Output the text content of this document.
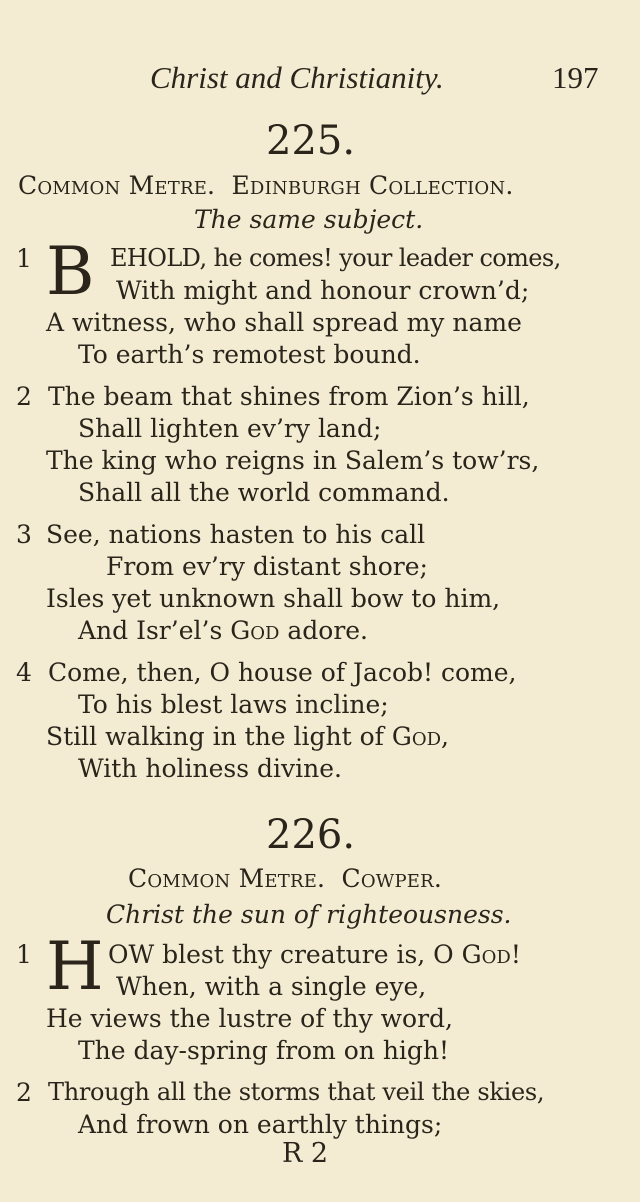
Christ and Christianity.	197
225.
Common Metre. Edinburgh Collection.
The same subject.
1 B EHOLD, he comes! your leader comes,
With might and honour crown’d;
A witness, who shall spread my name
To earth’s remotest bound.
2 The beam that shines from Zion’s hill,
Shall lighten ev’ry land;
The king who reigns in Salem’s tow’rs,
Shall all the world command.
3 See, nations hasten to his call
From ev’ry distant shore;
Isles yet unknown shall bow to him,
And Isr’el’s God adore.
4 Come, then, O house of Jacob! come,
To his blest laws incline;
Still walking in the light of God,
With holiness divine.
226.
Common Metre. Cowper.
Christ the sun of righteousness.
1 H OW blest thy creature is, O God!
When, with a single eye,
He views the lustre of thy word,
The day-spring from on high!
2 Through all the storms that veil the skies,
And frown on earthly things;
R 2
